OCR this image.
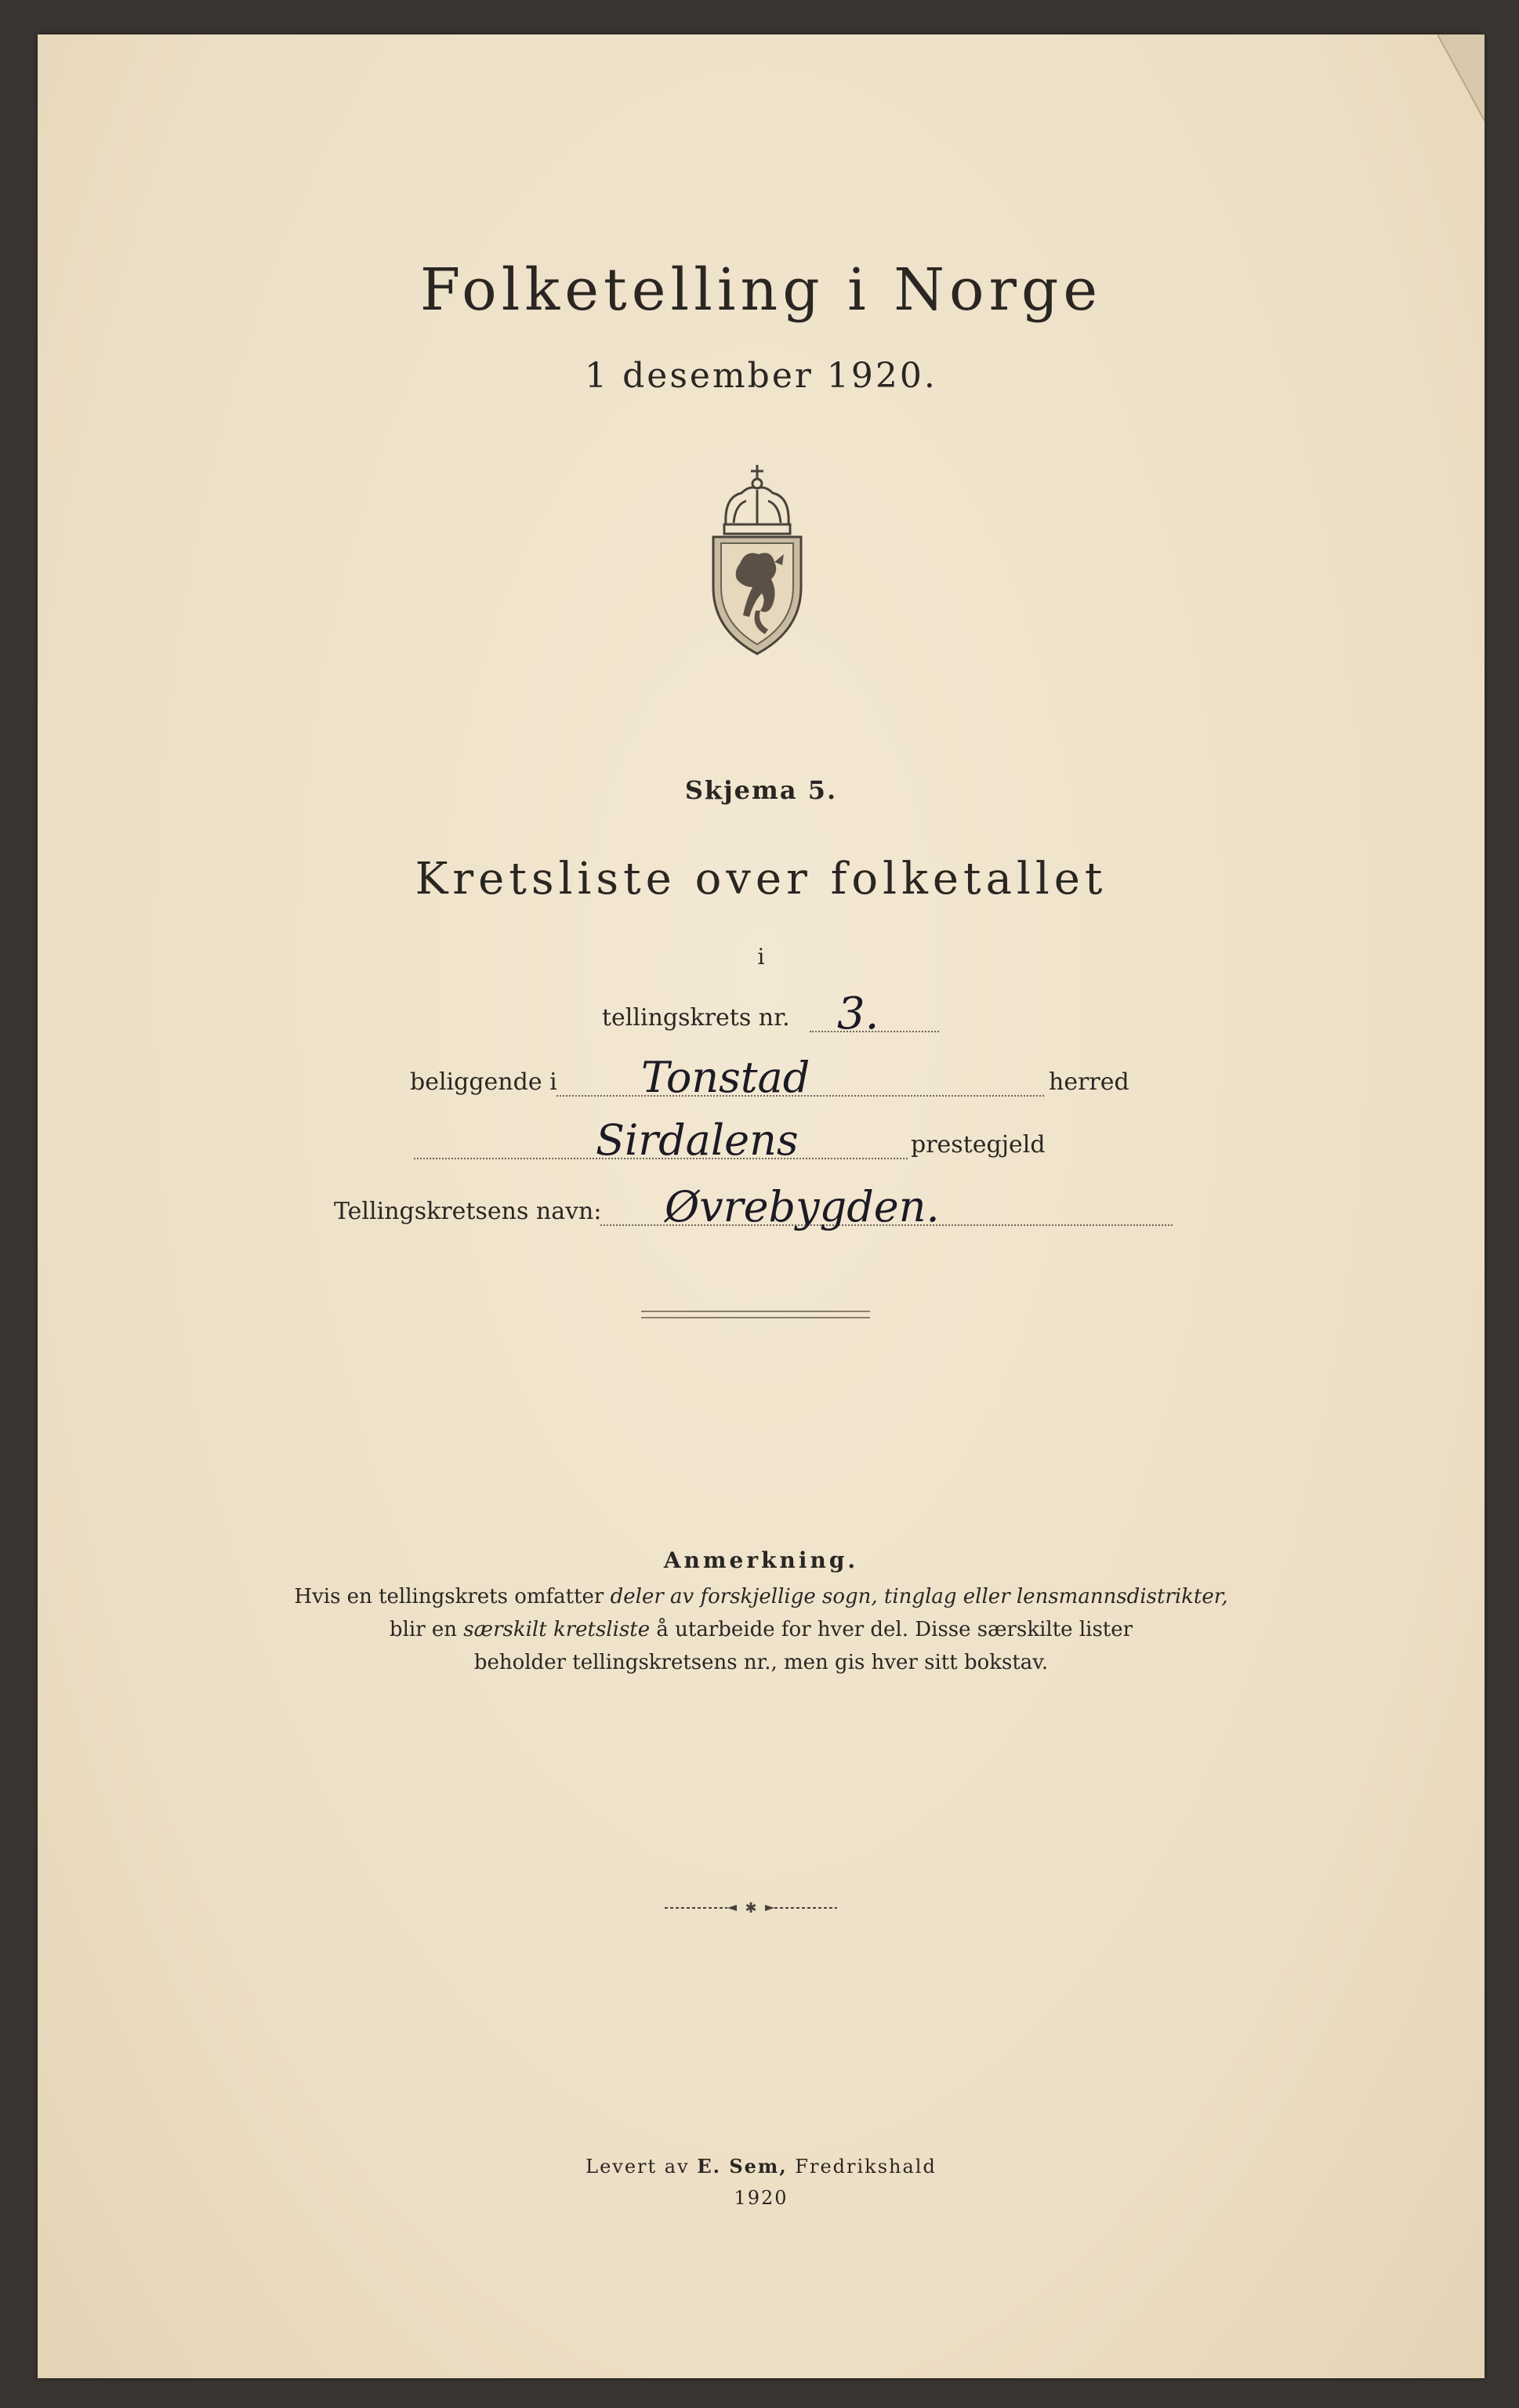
Folketelling i Norge
1 desember 1920.
Skjema 5.
Kretsliste over folketallet
i
tellingskrets nr. 3.
beliggende i Tonstad	herred
Sirdalens	prestegjeld
Tellingskretsens navn: Øvrebygden.
Anmerkning.
Hvis en tellingskrets omfatter deler av forskjellige sogn, tinglag eller lensmannsdistrikter,
blir en særskilt kretsliste å utarbeide for hver del. Disse særskilte lister
beholder tellingskretsens nr., men gis hver sitt bokstav.
✱
Levert av E. Sem, Fredrikshald
1920
